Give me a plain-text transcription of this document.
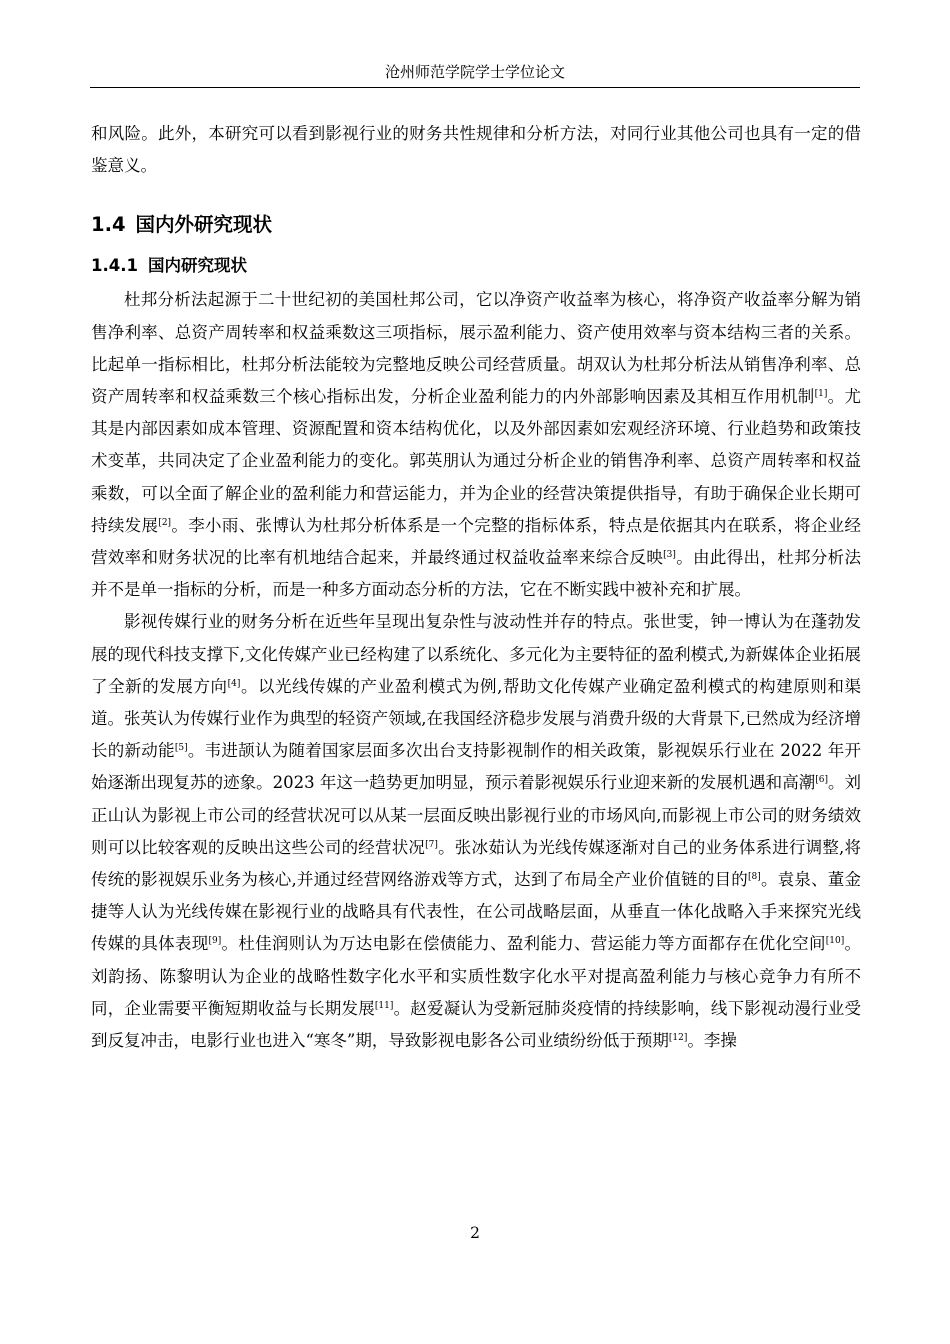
沧州师范学院学士学位论文

和风险。此外，本研究可以看到影视行业的财务共性规律和分析方法，对同行业其他公司也具有一定的借鉴意义。

1.4 国内外研究现状
1.4.1 国内研究现状

杜邦分析法起源于二十世纪初的美国杜邦公司，它以净资产收益率为核心，将净资产收益率分解为销售净利率、总资产周转率和权益乘数这三项指标，展示盈利能力、资产使用效率与资本结构三者的关系。比起单一指标相比，杜邦分析法能较为完整地反映公司经营质量。胡双认为杜邦分析法从销售净利率、总资产周转率和权益乘数三个核心指标出发，分析企业盈利能力的内外部影响因素及其相互作用机制[1]。尤其是内部因素如成本管理、资源配置和资本结构优化，以及外部因素如宏观经济环境、行业趋势和政策技术变革，共同决定了企业盈利能力的变化。郭英朋认为通过分析企业的销售净利率、总资产周转率和权益乘数，可以全面了解企业的盈利能力和营运能力，并为企业的经营决策提供指导，有助于确保企业长期可持续发展[2]。李小雨、张博认为杜邦分析体系是一个完整的指标体系，特点是依据其内在联系，将企业经营效率和财务状况的比率有机地结合起来，并最终通过权益收益率来综合反映[3]。由此得出，杜邦分析法并不是单一指标的分析，而是一种多方面动态分析的方法，它在不断实践中被补充和扩展。

影视传媒行业的财务分析在近些年呈现出复杂性与波动性并存的特点。张世雯，钟一博认为在蓬勃发展的现代科技支撑下,文化传媒产业已经构建了以系统化、多元化为主要特征的盈利模式,为新媒体企业拓展了全新的发展方向[4]。以光线传媒的产业盈利模式为例,帮助文化传媒产业确定盈利模式的构建原则和渠道。张英认为传媒行业作为典型的轻资产领域,在我国经济稳步发展与消费升级的大背景下,已然成为经济增长的新动能[5]。韦进颉认为随着国家层面多次出台支持影视制作的相关政策，影视娱乐行业在 2022 年开始逐渐出现复苏的迹象。2023 年这一趋势更加明显，预示着影视娱乐行业迎来新的发展机遇和高潮[6]。刘正山认为影视上市公司的经营状况可以从某一层面反映出影视行业的市场风向,而影视上市公司的财务绩效则可以比较客观的反映出这些公司的经营状况[7]。张冰茹认为光线传媒逐渐对自己的业务体系进行调整,将传统的影视娱乐业务为核心,并通过经营网络游戏等方式，达到了布局全产业价值链的目的[8]。袁泉、董金捷等人认为光线传媒在影视行业的战略具有代表性，在公司战略层面，从垂直一体化战略入手来探究光线传媒的具体表现[9]。杜佳润则认为万达电影在偿债能力、盈利能力、营运能力等方面都存在优化空间[10]。刘韵扬、陈黎明认为企业的战略性数字化水平和实质性数字化水平对提高盈利能力与核心竞争力有所不同，企业需要平衡短期收益与长期发展[11]。赵爱凝认为受新冠肺炎疫情的持续影响，线下影视动漫行业受到反复冲击，电影行业也进入“寒冬”期，导致影视电影各公司业绩纷纷低于预期[12]。李操

2
